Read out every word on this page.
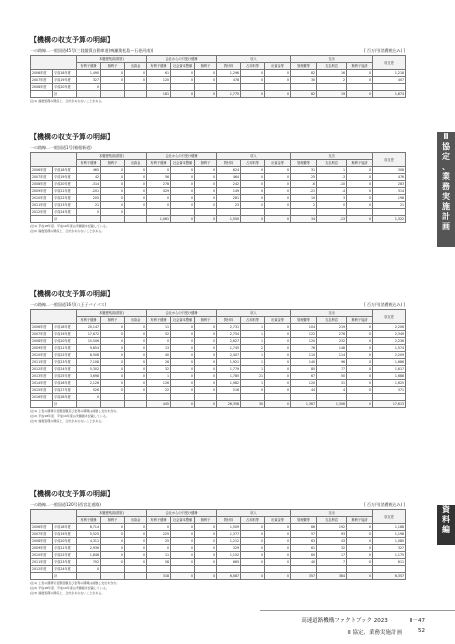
【機構の収支予算の明細】
一の路線…一般国道45号(三陸縦貫自動車道(鳴瀬奥松島～石巻河南))	[ 百万円(消費税込み) ]
		本履歴残高(期首)			会社からの引受け債務			収入			支出			収支差
		有利子債務	無利子	出資金	有利子債務	社会資本整備	無利子	貸付料	占用料等	出資金等	管理費等	支払利息	無利子返済	
2006年度	平成18年度	1,490	0	0	61	0	0	1,296	0	0	82	16	0	1,218
2007年度	平成19年度	327	0	0	120	0	0	478	0	0	30	2	0	407
2008年度	平成20年度	0												
	計				181	0	0	1,775	0	0	82	19	0	1,674
(注1) 端数処理の関係上、合計があわないことがある。
【機構の収支予算の明細】
一の路線…一般国道1号(箱根新道)
		本履歴残高(期首)			会社からの引受け債務			収入			支出			収支差
		有利子債務	無利子	出資金	有利子債務	社会資本整備	無利子	貸付料	占用料等	出資金等	管理費等	支払利息	無利子返済	
2006年度	平成18年度	465	0	0	0	0	0	624	0	0	31	1	0	308
2007年度	平成19年度	42	0	0	56	0	0	464	0	0	25	-3	0	476
2008年度	平成20年度	-314	0	0	278	0	0	242	0	0	-6	-10	0	283
2009年度	平成21年度	-201	0	0	429	0	0	149	0	0	-21	-4	0	314
2010年度	平成22年度	205	0	0	0	0	0	281	0	0	10	3	0	198
2011年度	平成23年度	21	0	0	0	0	0	23	0	0	2	0	0	21
2012年度	平成24年度	0	0											
	計				1,061	0	0	1,550	0	0	34	-13	0	1,322
(注1) 平成18年度、平成19年度は実績値を記載している。
(注2) 端数処理の関係上、合計があわないことがある。
【機構の収支予算の明細】
一の路線…一般国道16号(八王子バイパス)	[ 百万円(消費税込み) ]
		本履歴残高(期首)			会社からの引受け債務			収入			支出			収支差
		有利子債務	無利子	出資金	有利子債務	社会資本整備	無利子	貸付料	占用料等	出資金等	管理費等	支払利息	無利子返済	
2006年度	平成18年度	20,147	0	0	11	0	0	2,731	1	0	104	219	0	2,206
2007年度	平成19年度	17,672	0	0	52	0	0	2,754	1	0	122	276	0	2,349
2008年度	平成20年度	15,506	0	0	0	0	0	2,627	1	0	120	232	0	2,236
2009年度	平成21年度	9,654	0	0	13	0	0	1,745	2	0	76	148	0	1,574
2010年度	平成22年度	8,508	0	0	40	0	0	2,407	1	0	110	114	0	2,209
2011年度	平成23年度	7,108	0	0	26	0	0	1,921	1	0	140	96	0	1,686
2012年度	平成24年度	5,302	0	0	32	0	0	1,779	1	0	85	77	0	1,617
2013年度	平成25年度	3,698	0	0	1	0	0	1,785	21	0	67	50	0	1,688
2014年度	平成26年度	2,126	0	0	126	0	0	1,982	1	0	120	31	0	1,625
2015年度	平成27年度	526	0	0	22	0	0	516	0	0	44	4	0	371
2016年度	平成28年度	0												
	計				445	0	0	26,358	30	0	1,367	1,306	0	17,613
(注1) 上表の債務引受限度額及び金利の期間は前倒し支出を含む。
(注2) 平成18年度、平成19年度は実績値を記載している。
(注3) 端数処理の関係上、合計があわないことがある。
【機構の収支予算の明細】
一の路線…一般国道120号(西宮北道路)	[ 百万円(消費税込み) ]
		本履歴残高(期首)			会社からの引受け債務			収入			支出			収支差
		有利子債務	無利子	出資金	有利子債務	社会資本整備	無利子	貸付料	占用料等	出資金等	管理費等	支払利息	無利子返済	
2006年度	平成18年度	6,714	0	0	0	0	0	1,509	0	0	66	192	0	1,188
2007年度	平成19年度	5,525	0	0	225	0	0	1,377	0	0	57	93	0	1,198
2008年度	平成20年度	4,311	0	0	25	0	0	1,212	0	0	63	43	0	1,080
2009年度	平成21年度	2,936	0	0	0	0	0	329	0	0	61	32	0	327
2010年度	平成22年度	1,848	0	0	11	0	0	1,152	0	0	60	17	0	1,175
2011年度	平成23年度	702	0	0	58	0	0	665	0	0	40	7	0	611
2012年度	平成24年度	0												
	計				318	0	0	6,087	0	0	357	384	0	6,357
(注1) 上表の債務引受限度額及び金利の期間は前倒し支出を含む。
(注2) 平成18年度、平成19年度は実績値を記載している。
(注3) 端数処理の関係上、合計があわないことがある。
Ⅱ
協
定
、
業
務
実
施
計
画
資
料
編
高速道路機構ファクトブック 2023	Ⅱ－47
Ⅱ 協定、業務実施計画	52
